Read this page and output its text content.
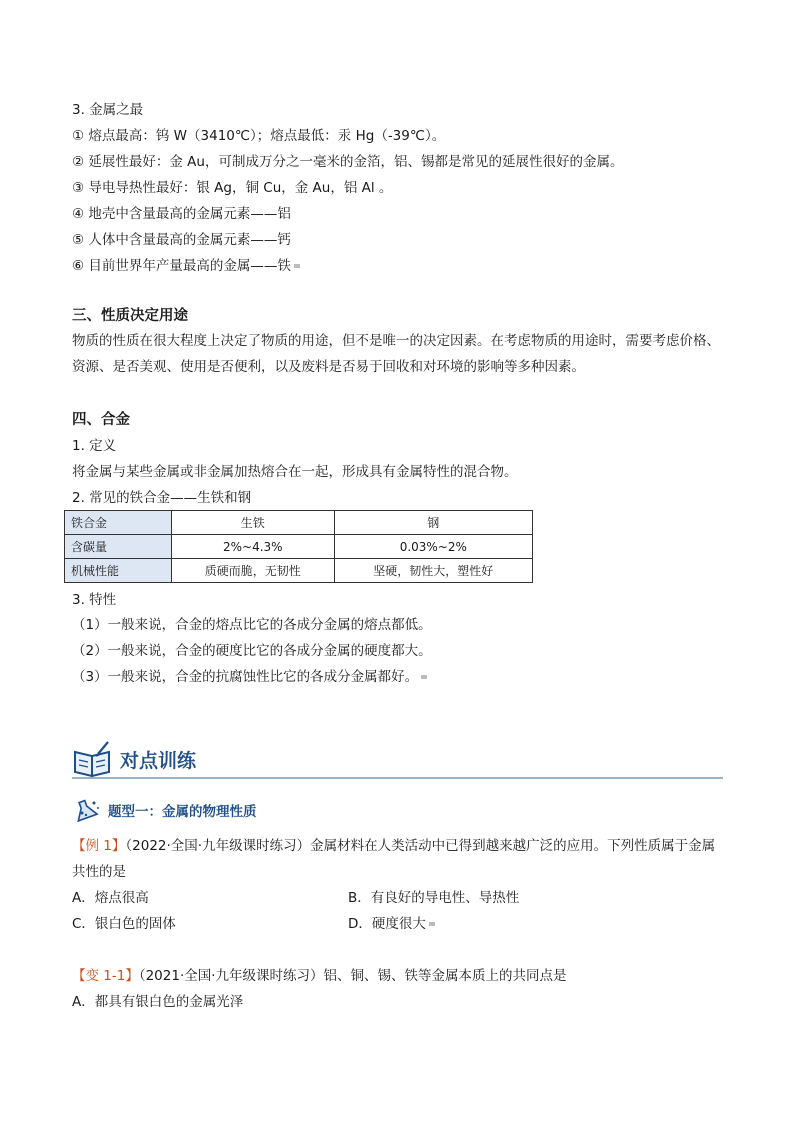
3. 金属之最
① 熔点最高：钨 W（3410℃）；熔点最低：汞 Hg（-39℃）。
② 延展性最好：金 Au，可制成万分之一毫米的金箔，铝、锡都是常见的延展性很好的金属。
③ 导电导热性最好：银 Ag，铜 Cu，金 Au，铝 Al 。
④ 地壳中含量最高的金属元素——铝
⑤ 人体中含量最高的金属元素——钙
⑥ 目前世界年产量最高的金属——铁
三、性质决定用途
物质的性质在很大程度上决定了物质的用途，但不是唯一的决定因素。在考虑物质的用途时，需要考虑价格、资源、是否美观、使用是否便利，以及废料是否易于回收和对环境的影响等多种因素。
四、合金
1. 定义
将金属与某些金属或非金属加热熔合在一起，形成具有金属特性的混合物。
2. 常见的铁合金——生铁和钢
铁合金	生铁	钢
含碳量	2%~4.3%	0.03%~2%
机械性能	质硬而脆，无韧性	坚硬，韧性大，塑性好
3. 特性
（1）一般来说，合金的熔点比它的各成分金属的熔点都低。
（2）一般来说，合金的硬度比它的各成分金属的硬度都大。
（3）一般来说，合金的抗腐蚀性比它的各成分金属都好。
对点训练
题型一：金属的物理性质
【例 1】（2022·全国·九年级课时练习）金属材料在人类活动中已得到越来越广泛的应用。下列性质属于金属
共性的是
A．熔点很高	B．有良好的导电性、导热性
C．银白色的固体	D．硬度很大
【变 1-1】（2021·全国·九年级课时练习）铝、铜、锡、铁等金属本质上的共同点是
A．都具有银白色的金属光泽
